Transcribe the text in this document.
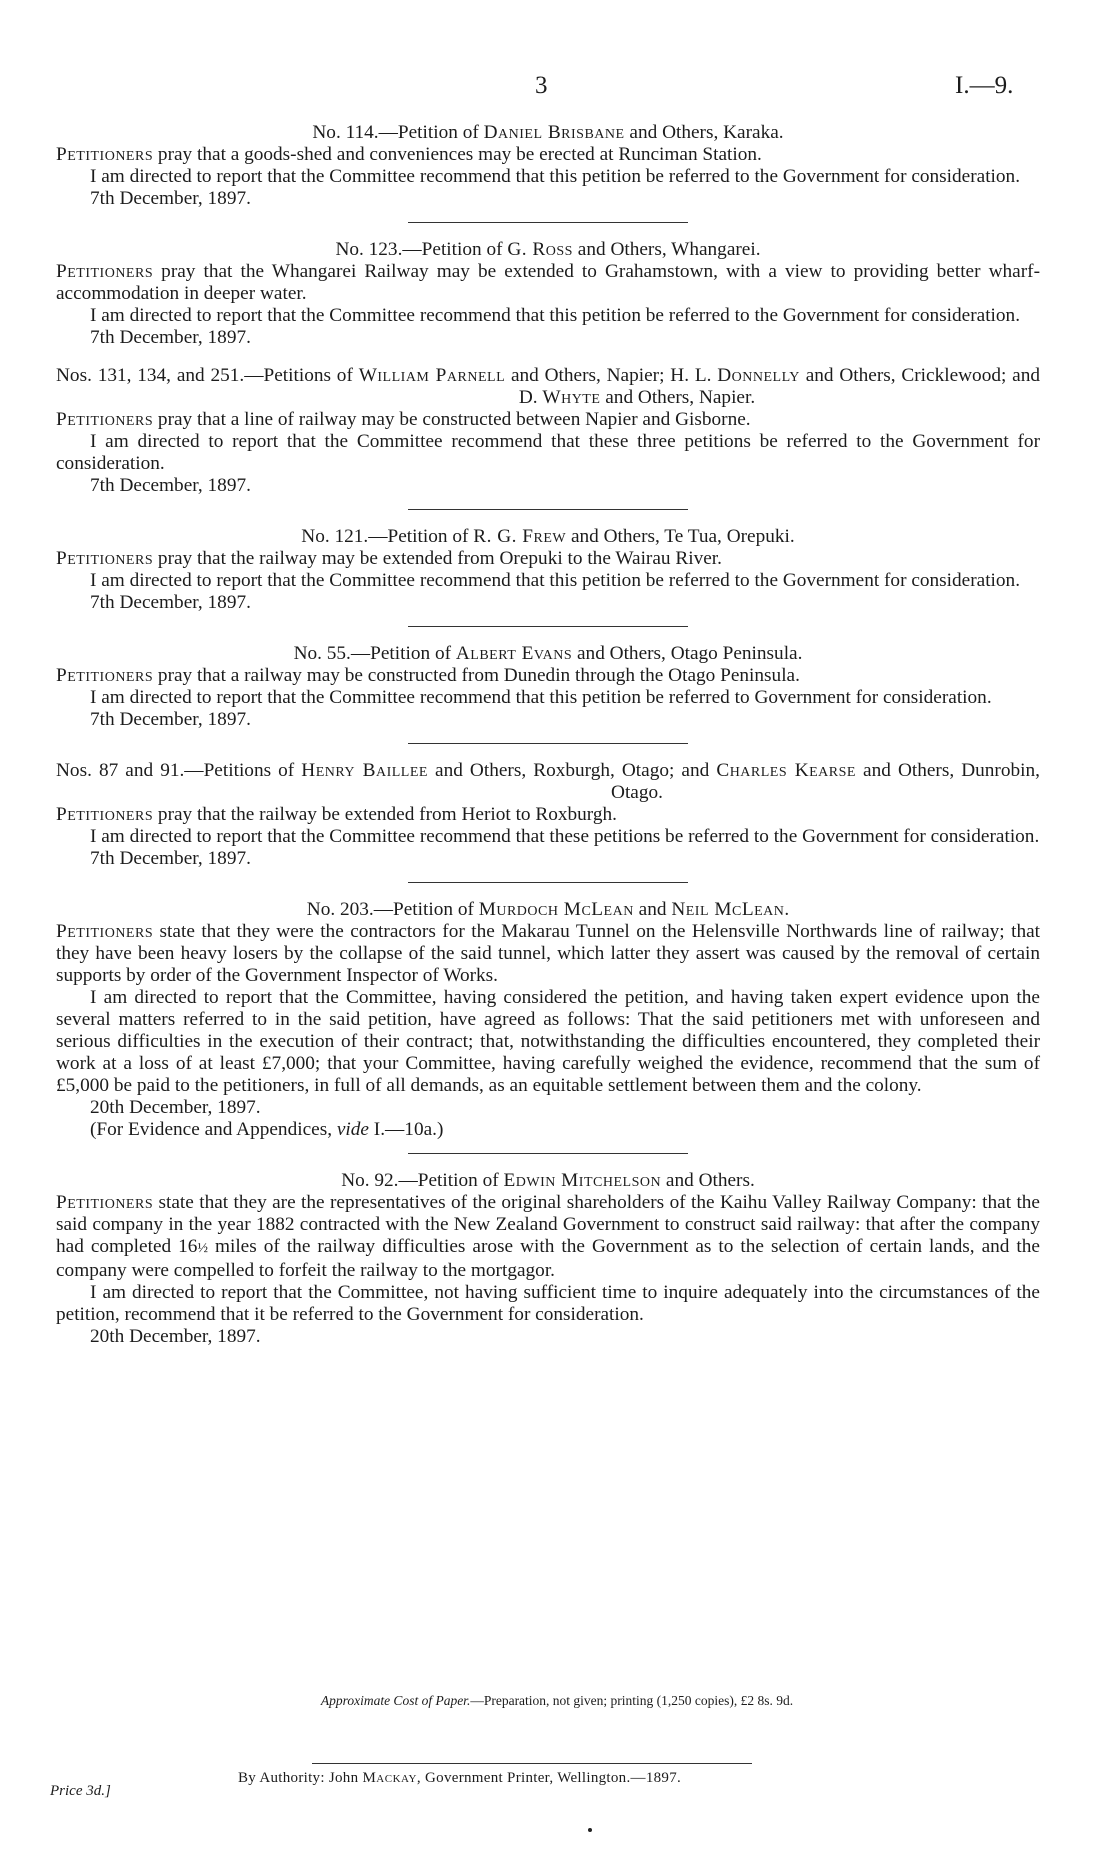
3	I.—9.
No. 114.—Petition of Daniel Brisbane and Others, Karaka.
Petitioners pray that a goods-shed and conveniences may be erected at Runciman Station.
I am directed to report that the Committee recommend that this petition be referred to the Government for consideration.
7th December, 1897.
No. 123.—Petition of G. Ross and Others, Whangarei.
Petitioners pray that the Whangarei Railway may be extended to Grahamstown, with a view to providing better wharf-accommodation in deeper water.
I am directed to report that the Committee recommend that this petition be referred to the Government for consideration.
7th December, 1897.
Nos. 131, 134, and 251.—Petitions of William Parnell and Others, Napier; H. L. Donnelly and Others, Cricklewood; and D. Whyte and Others, Napier.
Petitioners pray that a line of railway may be constructed between Napier and Gisborne.
I am directed to report that the Committee recommend that these three petitions be referred to the Government for consideration.
7th December, 1897.
No. 121.—Petition of R. G. Frew and Others, Te Tua, Orepuki.
Petitioners pray that the railway may be extended from Orepuki to the Wairau River.
I am directed to report that the Committee recommend that this petition be referred to the Government for consideration.
7th December, 1897.
No. 55.—Petition of Albert Evans and Others, Otago Peninsula.
Petitioners pray that a railway may be constructed from Dunedin through the Otago Peninsula.
I am directed to report that the Committee recommend that this petition be referred to Government for consideration.
7th December, 1897.
Nos. 87 and 91.—Petitions of Henry Baillee and Others, Roxburgh, Otago; and Charles Kearse and Others, Dunrobin, Otago.
Petitioners pray that the railway be extended from Heriot to Roxburgh.
I am directed to report that the Committee recommend that these petitions be referred to the Government for consideration.
7th December, 1897.
No. 203.—Petition of Murdoch McLean and Neil McLean.
Petitioners state that they were the contractors for the Makarau Tunnel on the Helensville Northwards line of railway; that they have been heavy losers by the collapse of the said tunnel, which latter they assert was caused by the removal of certain supports by order of the Government Inspector of Works.
I am directed to report that the Committee, having considered the petition, and having taken expert evidence upon the several matters referred to in the said petition, have agreed as follows: That the said petitioners met with unforeseen and serious difficulties in the execution of their contract; that, notwithstanding the difficulties encountered, they completed their work at a loss of at least £7,000; that your Committee, having carefully weighed the evidence, recommend that the sum of £5,000 be paid to the petitioners, in full of all demands, as an equitable settlement between them and the colony.
20th December, 1897.
(For Evidence and Appendices, vide I.—10a.)
No. 92.—Petition of Edwin Mitchelson and Others.
Petitioners state that they are the representatives of the original shareholders of the Kaihu Valley Railway Company: that the said company in the year 1882 contracted with the New Zealand Government to construct said railway: that after the company had completed 16½ miles of the railway difficulties arose with the Government as to the selection of certain lands, and the company were compelled to forfeit the railway to the mortgagor.
I am directed to report that the Committee, not having sufficient time to inquire adequately into the circumstances of the petition, recommend that it be referred to the Government for consideration.
20th December, 1897.
Approximate Cost of Paper.—Preparation, not given; printing (1,250 copies), £2 8s. 9d.
Price 3d.]
By Authority: John Mackay, Government Printer, Wellington.—1897.
